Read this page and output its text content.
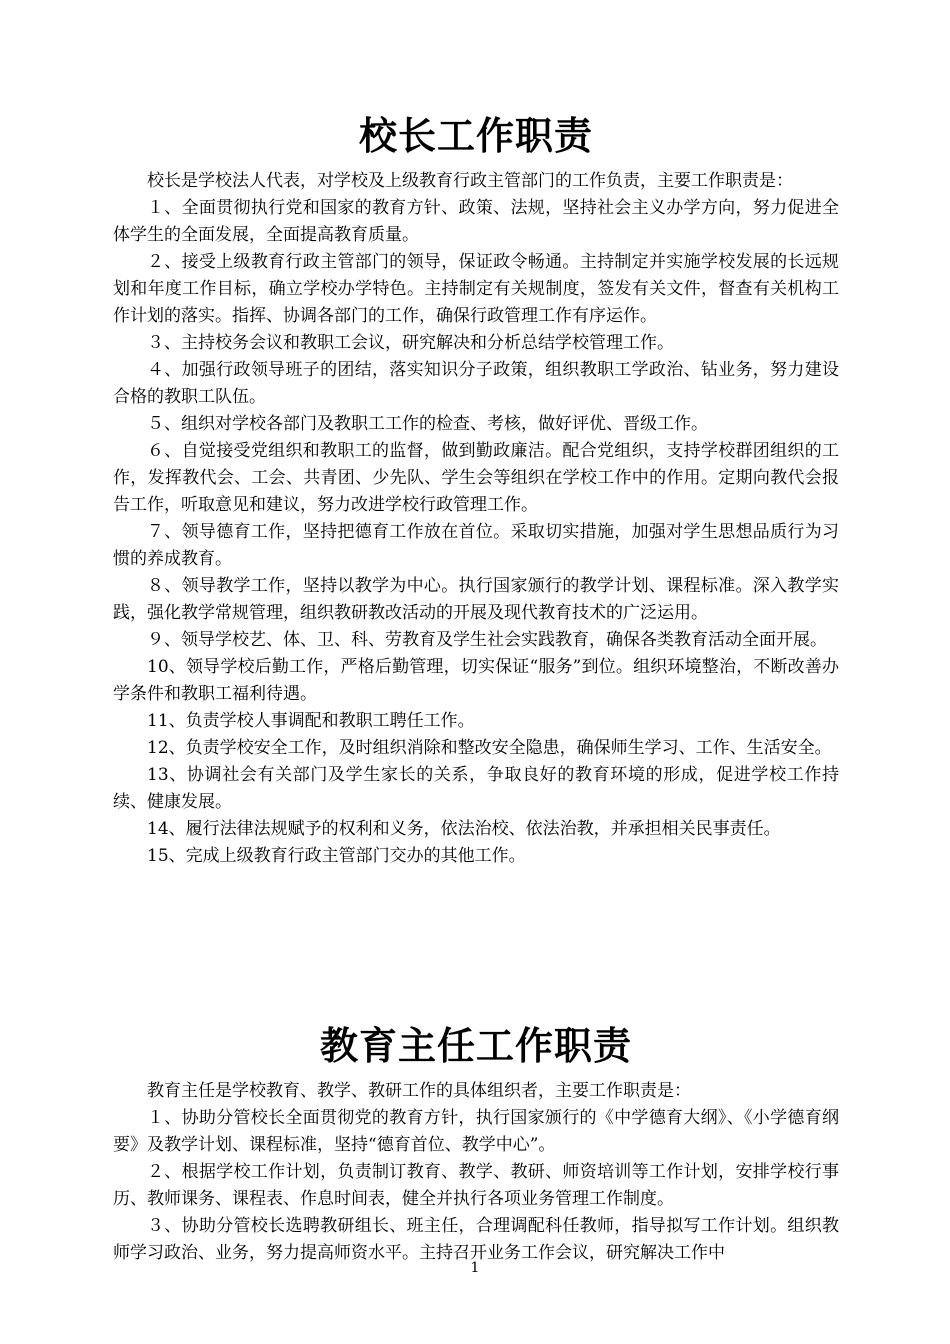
校长工作职责

校长是学校法人代表，对学校及上级教育行政主管部门的工作负责，主要工作职责是：

１、全面贯彻执行党和国家的教育方针、政策、法规，坚持社会主义办学方向，努力促进全体学生的全面发展，全面提高教育质量。

２、接受上级教育行政主管部门的领导，保证政令畅通。主持制定并实施学校发展的长远规划和年度工作目标，确立学校办学特色。主持制定有关规制度，签发有关文件，督查有关机构工作计划的落实。指挥、协调各部门的工作，确保行政管理工作有序运作。

３、主持校务会议和教职工会议，研究解决和分析总结学校管理工作。

４、加强行政领导班子的团结，落实知识分子政策，组织教职工学政治、钻业务，努力建设合格的教职工队伍。

５、组织对学校各部门及教职工工作的检查、考核，做好评优、晋级工作。

６、自觉接受党组织和教职工的监督，做到勤政廉洁。配合党组织，支持学校群团组织的工作，发挥教代会、工会、共青团、少先队、学生会等组织在学校工作中的作用。定期向教代会报告工作，听取意见和建议，努力改进学校行政管理工作。

７、领导德育工作，坚持把德育工作放在首位。采取切实措施，加强对学生思想品质行为习惯的养成教育。

８、领导教学工作，坚持以教学为中心。执行国家颁行的教学计划、课程标准。深入教学实践，强化教学常规管理，组织教研教改活动的开展及现代教育技术的广泛运用。

９、领导学校艺、体、卫、科、劳教育及学生社会实践教育，确保各类教育活动全面开展。

10、领导学校后勤工作，严格后勤管理，切实保证“服务”到位。组织环境整治，不断改善办学条件和教职工福利待遇。

11、负责学校人事调配和教职工聘任工作。

12、负责学校安全工作，及时组织消除和整改安全隐患，确保师生学习、工作、生活安全。

13、协调社会有关部门及学生家长的关系，争取良好的教育环境的形成，促进学校工作持续、健康发展。

14、履行法律法规赋予的权利和义务，依法治校、依法治教，并承担相关民事责任。

15、完成上级教育行政主管部门交办的其他工作。

教育主任工作职责

教育主任是学校教育、教学、教研工作的具体组织者，主要工作职责是：

１、协助分管校长全面贯彻党的教育方针，执行国家颁行的《中学德育大纲》、《小学德育纲要》及教学计划、课程标准，坚持“德育首位、教学中心”。

２、根据学校工作计划，负责制订教育、教学、教研、师资培训等工作计划，安排学校行事历、教师课务、课程表、作息时间表，健全并执行各项业务管理工作制度。

３、协助分管校长选聘教研组长、班主任，合理调配科任教师，指导拟写工作计划。组织教师学习政治、业务，努力提高师资水平。主持召开业务工作会议，研究解决工作中

1
